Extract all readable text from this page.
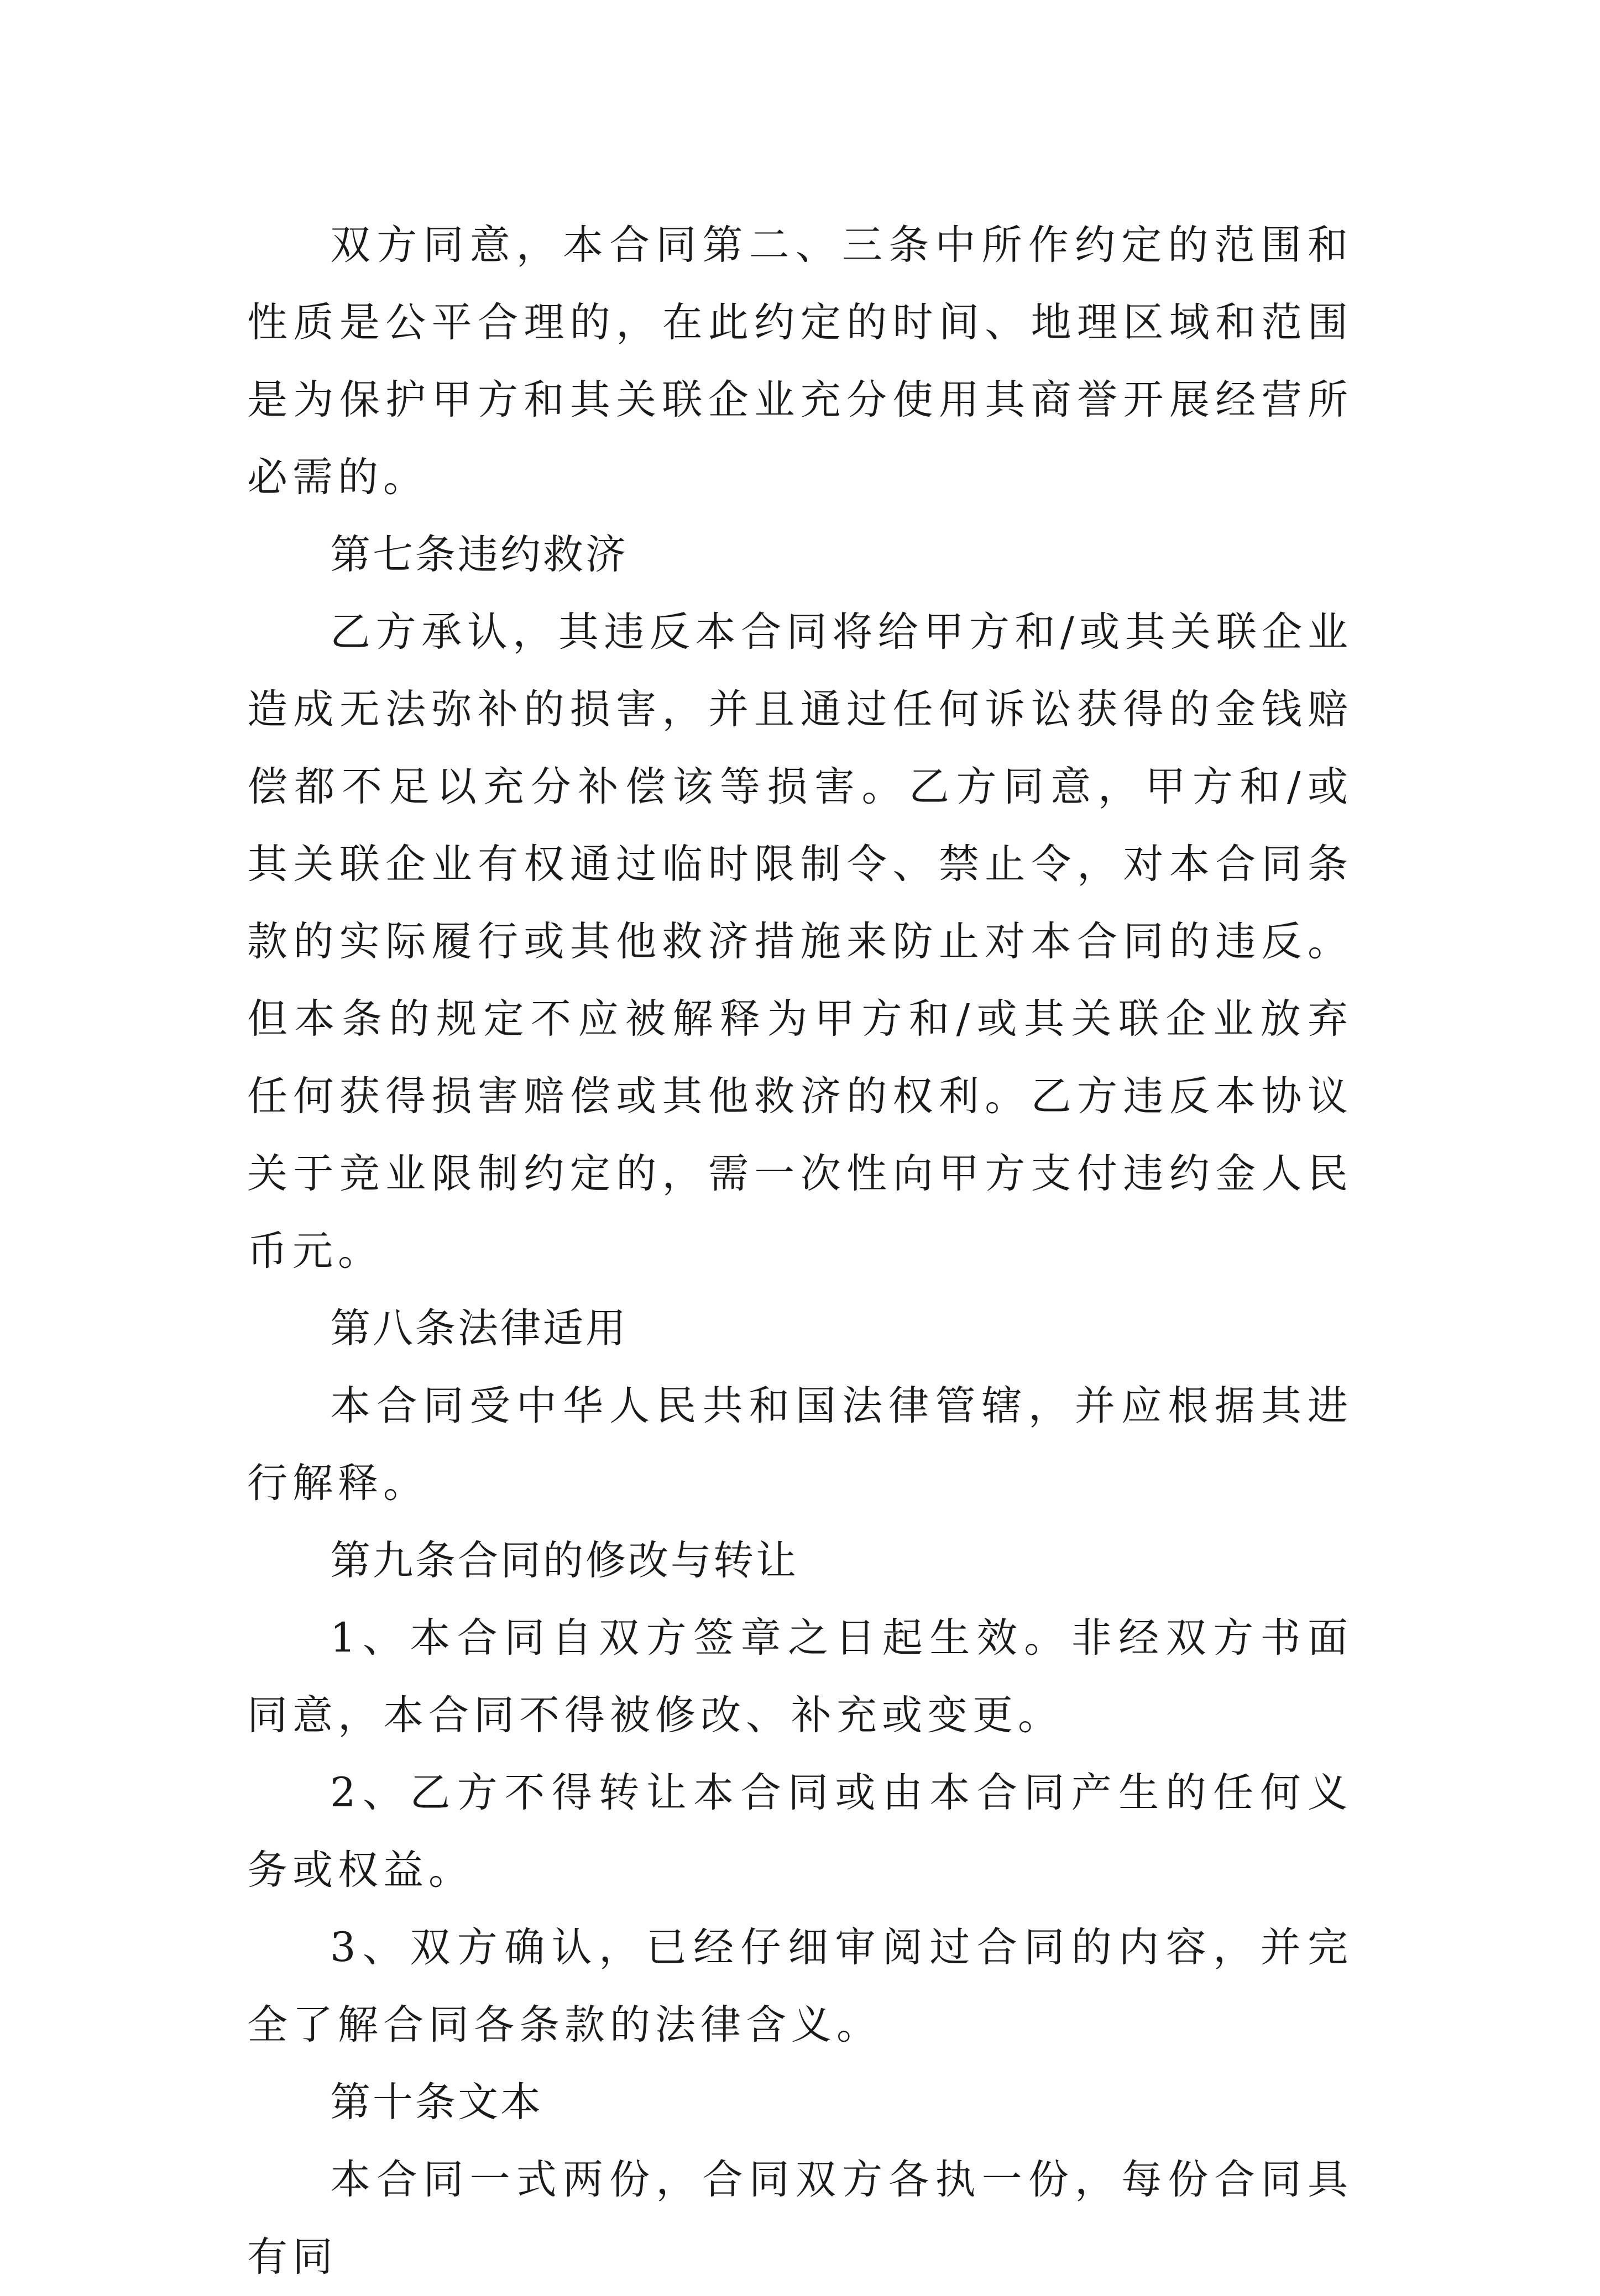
双方同意，本合同第二、三条中所作约定的范围和性质是公平合理的，在此约定的时间、地理区域和范围是为保护甲方和其关联企业充分使用其商誉开展经营所必需的。

第七条违约救济

乙方承认，其违反本合同将给甲方和/或其关联企业造成无法弥补的损害，并且通过任何诉讼获得的金钱赔偿都不足以充分补偿该等损害。乙方同意，甲方和/或其关联企业有权通过临时限制令、禁止令，对本合同条款的实际履行或其他救济措施来防止对本合同的违反。但本条的规定不应被解释为甲方和/或其关联企业放弃任何获得损害赔偿或其他救济的权利。乙方违反本协议关于竞业限制约定的，需一次性向甲方支付违约金人民币元。

第八条法律适用

本合同受中华人民共和国法律管辖，并应根据其进行解释。

第九条合同的修改与转让

1、本合同自双方签章之日起生效。非经双方书面同意，本合同不得被修改、补充或变更。

2、乙方不得转让本合同或由本合同产生的任何义务或权益。

3、双方确认，已经仔细审阅过合同的内容，并完全了解合同各条款的法律含义。

第十条文本

本合同一式两份，合同双方各执一份，每份合同具有同
